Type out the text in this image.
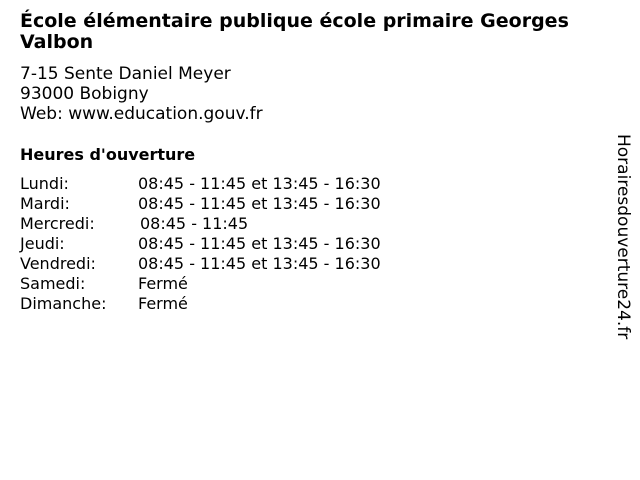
École élémentaire publique école primaire Georges Valbon
7-15 Sente Daniel Meyer
93000 Bobigny
Web: www.education.gouv.fr
Heures d'ouverture
Lundi:	08:45 - 11:45 et 13:45 - 16:30
Mardi:	08:45 - 11:45 et 13:45 - 16:30
Mercredi:	08:45 - 11:45
Jeudi:	08:45 - 11:45 et 13:45 - 16:30
Vendredi:	08:45 - 11:45 et 13:45 - 16:30
Samedi:	Fermé
Dimanche: Fermé	Horairesdouverture24.fr
